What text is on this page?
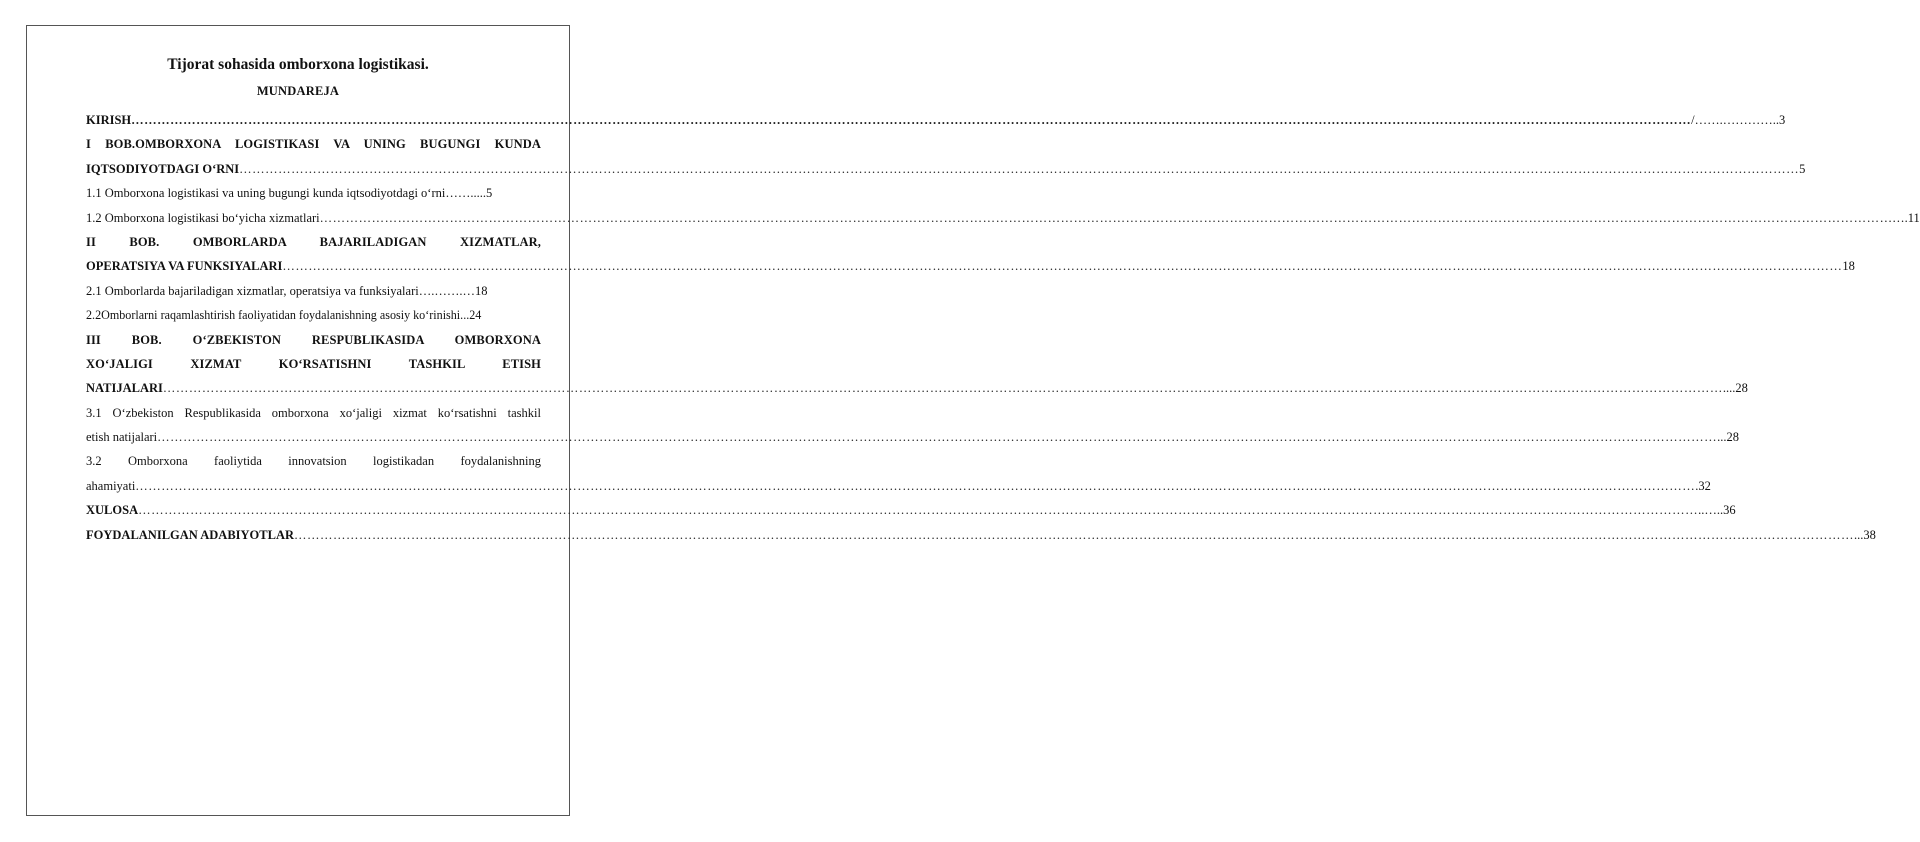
Tijorat sohasida omborxona logistikasi.
MUNDAREJA
KIRISH ……………………………………………………………………………………………………………………………………………………………………………………………………………………………………………………………………………………………………………………………… /…….…………..3
I BOB.OMBORXONA LOGISTIKASI VA UNING BUGUNGI KUNDA
IQTSODIYOTDAGI O‘RNI ……………………………………………………………………………………………………………………………………………………………………………………………………………………………………………………………………………………………………………………………… 5
1.1 Omborxona logistikasi va uning bugungi kunda iqtsodiyotdagi o‘rni …….....5
1.2 Omborxona logistikasi bo‘yicha xizmatlari ……………………………………………………………………………………………………………………………………………………………………………………………………………………………………………………………………………………………………………………………… …….11
II BOB. OMBORLARDA BAJARILADIGAN XIZMATLAR,
OPERATSIYA VA FUNKSIYALARI ……………………………………………………………………………………………………………………………………………………………………………………………………………………………………………………………………………………………………………………………… 18
2.1 Omborlarda bajariladigan xizmatlar, operatsiya va funksiyalari ….…….…18
2.2Omborlarni raqamlashtirish faoliyatidan foydalanishning asosiy ko‘rinishi ...24
III BOB. O‘ZBEKISTON RESPUBLIKASIDA OMBORXONA
XO‘JALIGI XIZMAT KO‘RSATISHNI TASHKIL ETISH
NATIJALARI ……………………………………………………………………………………………………………………………………………………………………………………………………………………………………………………………………………………………………………………………… ....28
3.1 O‘zbekiston Respublikasida omborxona xo‘jaligi xizmat ko‘rsatishni tashkil
etish natijalari ……………………………………………………………………………………………………………………………………………………………………………………………………………………………………………………………………………………………………………………………… ...28
3.2 Omborxona faoliytida innovatsion logistikadan foydalanishning
ahamiyati ……………………………………………………………………………………………………………………………………………………………………………………………………………………………………………………………………………………………………………………………… .32
XULOSA ……………………………………………………………………………………………………………………………………………………………………………………………………………………………………………………………………………………………………………………………… ..…..36
FOYDALANILGAN ADABIYOTLAR ……………………………………………………………………………………………………………………………………………………………………………………………………………………………………………………………………………………………………………………………… ...38
